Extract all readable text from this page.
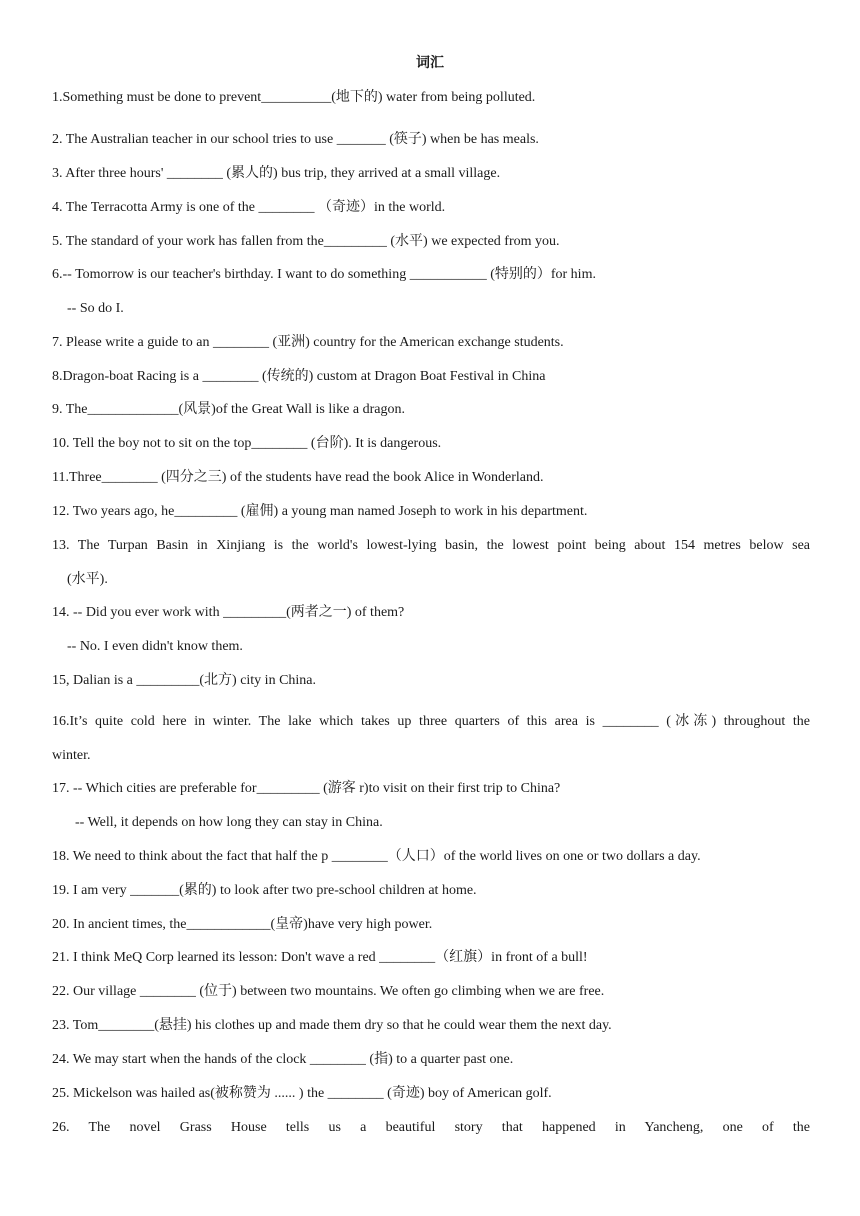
词汇
1.Something must be done to prevent__________(地下的) water from being polluted.
2. The Australian teacher in our school tries to use _______ (筷子) when be has meals.
3. After three hours' ________ (累人的) bus trip, they arrived at a small village.
4. The Terracotta Army is one of the ________ （奇迹）in the world.
5. The standard of your work has fallen from the_________ (水平) we expected from you.
6.-- Tomorrow is our teacher's birthday. I want to do something ___________ (特别的）for him.
-- So do I.
7. Please write a guide to an ________ (亚洲) country for the American exchange students.
8.Dragon-boat Racing is a ________ (传统的) custom at Dragon Boat Festival in China
9. The_____________(风景)of the Great Wall is like a dragon.
10. Tell the boy not to sit on the top________ (台阶). It is dangerous.
11.Three________ (四分之三) of the students have read the book Alice in Wonderland.
12. Two years ago, he_________ (雇佣) a young man named Joseph to work in his department.
13. The Turpan Basin in Xinjiang is the world's lowest-lying basin, the lowest point being about 154 metres below sea
(水平).
14. -- Did you ever work with _________(两者之一) of them?
-- No. I even didn't know them.
15, Dalian is a _________(北方) city in China.
16.It’s quite cold here in winter. The lake which takes up three quarters of this area is ________ (冰冻) throughout the
winter.
17. -- Which cities are preferable for_________ (游客 r)to visit on their first trip to China?
-- Well, it depends on how long they can stay in China.
18. We need to think about the fact that half the p ________（人口）of the world lives on one or two dollars a day.
19. I am very _______(累的) to look after two pre-school children at home.
20. In ancient times, the____________(皇帝)have very high power.
21. I think MeQ Corp learned its lesson: Don't wave a red ________（红旗）in front of a bull!
22. Our village ________ (位于) between two mountains. We often go climbing when we are free.
23. Tom________(悬挂) his clothes up and made them dry so that he could wear them the next day.
24. We may start when the hands of the clock ________ (指) to a quarter past one.
25. Mickelson was hailed as(被称赞为 ...... ) the ________ (奇迹) boy of American golf.
26. The novel Grass House tells us a beautiful story that happened in Yancheng, one of the
